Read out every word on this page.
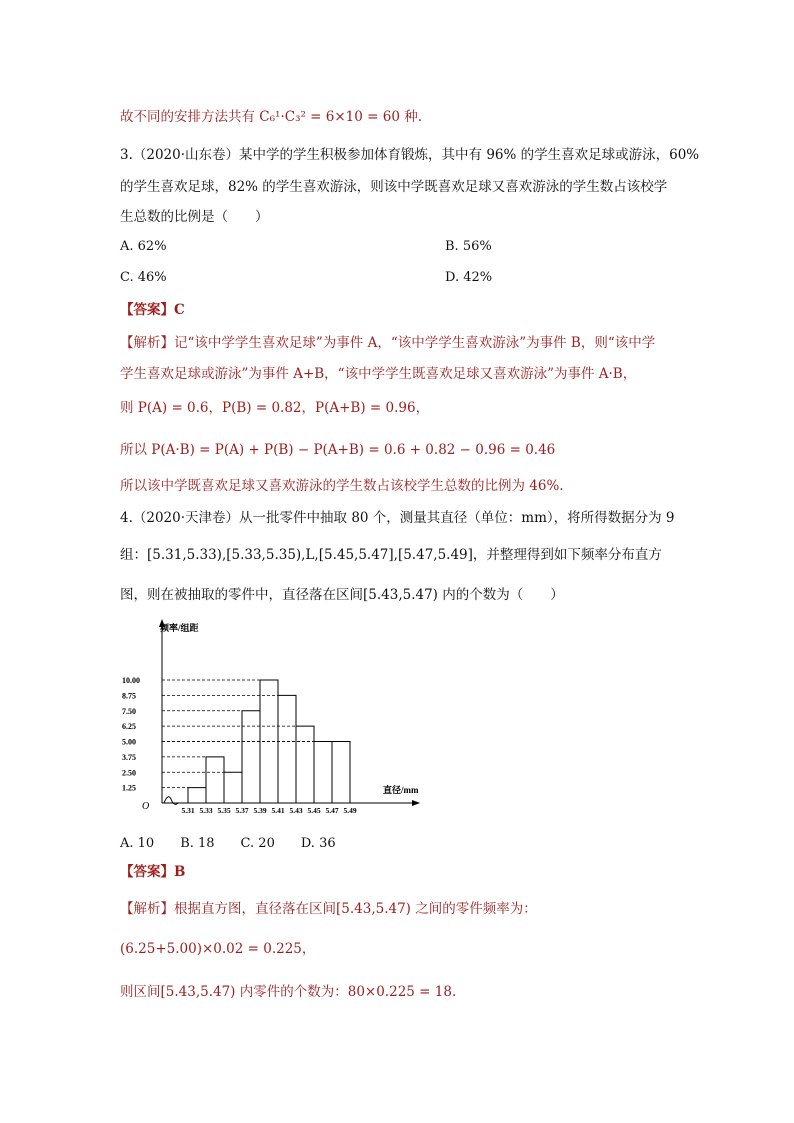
故不同的安排方法共有 C₆¹·C₃² = 6×10 = 60 种.
3.（2020·山东卷）某中学的学生积极参加体育锻炼，其中有 96% 的学生喜欢足球或游泳，60%
的学生喜欢足球，82% 的学生喜欢游泳，则该中学既喜欢足球又喜欢游泳的学生数占该校学
生总数的比例是（　　）
A. 62%	B. 56%
C. 46%	D. 42%
【答案】C
【解析】记“该中学学生喜欢足球”为事件 A，“该中学学生喜欢游泳”为事件 B，则“该中学
学生喜欢足球或游泳”为事件 A+B，“该中学学生既喜欢足球又喜欢游泳”为事件 A·B，
则 P(A) = 0.6，P(B) = 0.82，P(A+B) = 0.96，
所以 P(A·B) = P(A) + P(B) − P(A+B) = 0.6 + 0.82 − 0.96 = 0.46
所以该中学既喜欢足球又喜欢游泳的学生数占该校学生总数的比例为 46%.
4.（2020·天津卷）从一批零件中抽取 80 个，测量其直径（单位：mm），将所得数据分为 9
组：[5.31,5.33),[5.33,5.35),L,[5.45,5.47],[5.47,5.49]，并整理得到如下频率分布直方
图，则在被抽取的零件中，直径落在区间[5.43,5.47) 内的个数为（　　）
频率/组距
直径/mm
O
1.25
2.50
3.75
5.00
6.25
7.50
8.75
10.00
5.31 5.33 5.35 5.37 5.39 5.41 5.43 5.45 5.47 5.49
A. 10　　B. 18　　C. 20　　D. 36
【答案】B
【解析】根据直方图，直径落在区间[5.43,5.47) 之间的零件频率为：
(6.25+5.00)×0.02 = 0.225，
则区间[5.43,5.47) 内零件的个数为：80×0.225 = 18.
